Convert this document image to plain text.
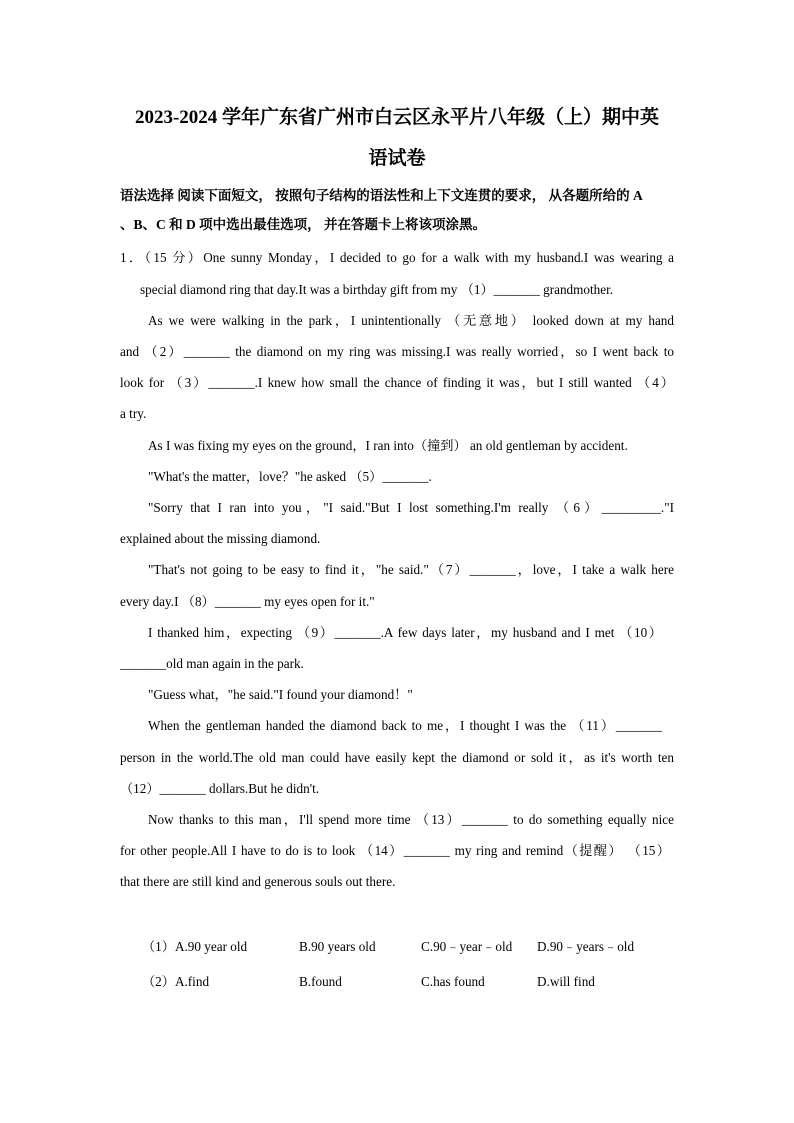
2023-2024 学年广东省广州市白云区永平片八年级（上）期中英
语试卷
语法选择 阅读下面短文， 按照句子结构的语法性和上下文连贯的要求， 从各题所给的 A
、B、C 和 D 项中选出最佳选项， 并在答题卡上将该项涂黑。
1．（15 分）One sunny Monday，I decided to go for a walk with my husband.I was wearing a
special diamond ring that day.It was a birthday gift from my （1）_______ grandmother.
As we were walking in the park，I unintentionally （无意地） looked down at my hand
and （2）_______ the diamond on my ring was missing.I was really worried，so I went back to
look for （3）_______.I knew how small the chance of finding it was，but I still wanted （4）
a try.
As I was fixing my eyes on the ground，I ran into（撞到） an old gentleman by accident.
"What's the matter，love？"he asked （5）_______.
"Sorry that I ran into you，"I said."But I lost something.I'm really （6）_________."I
explained about the missing diamond.
"That's not going to be easy to find it，"he said."（7）_______，love，I take a walk here
every day.I （8）_______ my eyes open for it."
I thanked him，expecting （9）_______.A few days later，my husband and I met （10）
_______old man again in the park.
"Guess what，"he said."I found your diamond！"
When the gentleman handed the diamond back to me，I thought I was the （11）_______
person in the world.The old man could have easily kept the diamond or sold it，as it's worth ten
（12）_______ dollars.But he didn't.
Now thanks to this man，I'll spend more time （13）_______ to do something equally nice
for other people.All I have to do is to look （14）_______ my ring and remind（提醒） （15）
that there are still kind and generous souls out there.
（1）A.90 year old	B.90 years old	C.90﹣year﹣old D.90﹣years﹣old
（2）A.find	B.found	C.has found	D.will find
